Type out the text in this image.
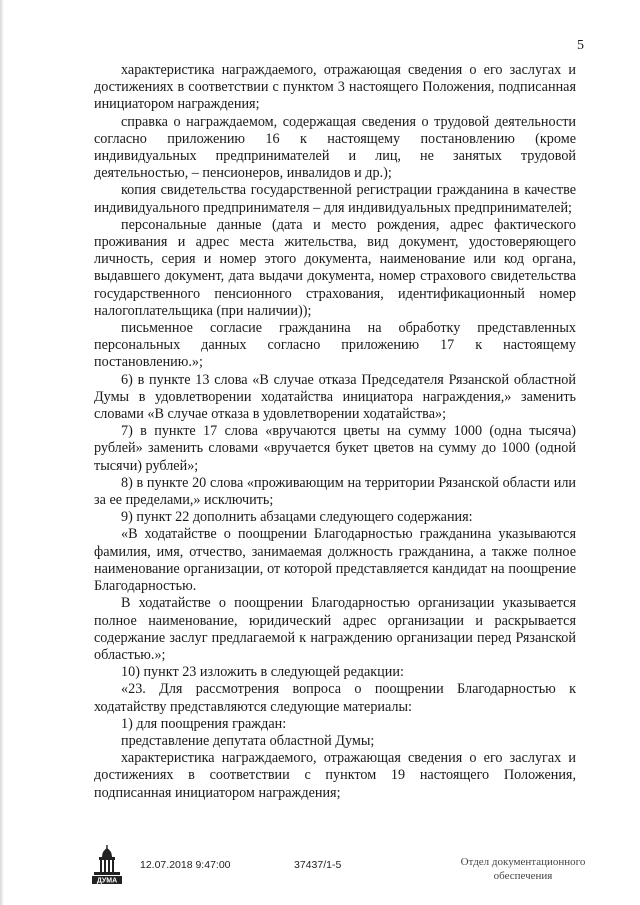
5

характеристика награждаемого, отражающая сведения о его заслугах и достижениях в соответствии с пунктом 3 настоящего Положения, подписанная инициатором награждения;

справка о награждаемом, содержащая сведения о трудовой деятельности согласно приложению 16 к настоящему постановлению (кроме индивидуальных предпринимателей и лиц, не занятых трудовой деятельностью, – пенсионеров, инвалидов и др.);

копия свидетельства государственной регистрации гражданина в качестве индивидуального предпринимателя – для индивидуальных предпринимателей;

персональные данные (дата и место рождения, адрес фактического проживания и адрес места жительства, вид документ, удостоверяющего личность, серия и номер этого документа, наименование или код органа, выдавшего документ, дата выдачи документа, номер страхового свидетельства государственного пенсионного страхования, идентификационный номер налогоплательщика (при наличии));

письменное согласие гражданина на обработку представленных персональных данных согласно приложению 17 к настоящему постановлению.»;

6) в пункте 13 слова «В случае отказа Председателя Рязанской областной Думы в удовлетворении ходатайства инициатора награждения,» заменить словами «В случае отказа в удовлетворении ходатайства»;

7) в пункте 17 слова «вручаются цветы на сумму 1000 (одна тысяча) рублей» заменить словами «вручается букет цветов на сумму до 1000 (одной тысячи) рублей»;

8) в пункте 20 слова «проживающим на территории Рязанской области или за ее пределами,» исключить;

9) пункт 22 дополнить абзацами следующего содержания:

«В ходатайстве о поощрении Благодарностью гражданина указываются фамилия, имя, отчество, занимаемая должность гражданина, а также полное наименование организации, от которой представляется кандидат на поощрение Благодарностью.

В ходатайстве о поощрении Благодарностью организации указывается полное наименование, юридический адрес организации и раскрывается содержание заслуг предлагаемой к награждению организации перед Рязанской областью.»;

10) пункт 23 изложить в следующей редакции:

«23. Для рассмотрения вопроса о поощрении Благодарностью к ходатайству представляются следующие материалы:

1) для поощрения граждан:

представление депутата областной Думы;

характеристика награждаемого, отражающая сведения о его заслугах и достижениях в соответствии с пунктом 19 настоящего Положения, подписанная инициатором награждения;

ДУМА
12.07.2018 9:47:00	37437/1-5	Отдел документационного
обеспечения
